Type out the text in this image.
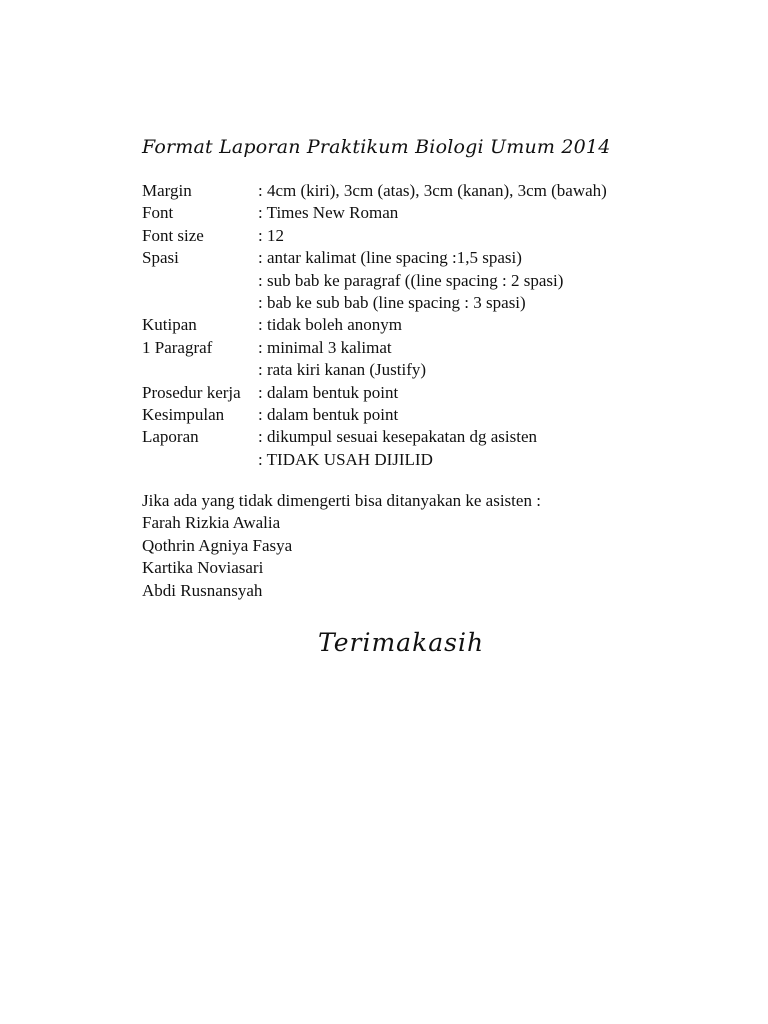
Format Laporan Praktikum Biologi Umum 2014
Margin	: 4cm (kiri), 3cm (atas), 3cm (kanan), 3cm (bawah)
Font	: Times New Roman
Font size	: 12
Spasi	: antar kalimat (line spacing :1,5 spasi)
: sub bab ke paragraf ((line spacing : 2 spasi)
: bab ke sub bab (line spacing : 3 spasi)
Kutipan	: tidak boleh anonym
1 Paragraf	: minimal 3 kalimat
: rata kiri kanan (Justify)
Prosedur kerja	: dalam bentuk point
Kesimpulan	: dalam bentuk point
Laporan	: dikumpul sesuai kesepakatan dg asisten
: TIDAK USAH DIJILID
Jika ada yang tidak dimengerti bisa ditanyakan ke asisten :
Farah Rizkia Awalia
Qothrin Agniya Fasya
Kartika Noviasari
Abdi Rusnansyah
Terimakasih
